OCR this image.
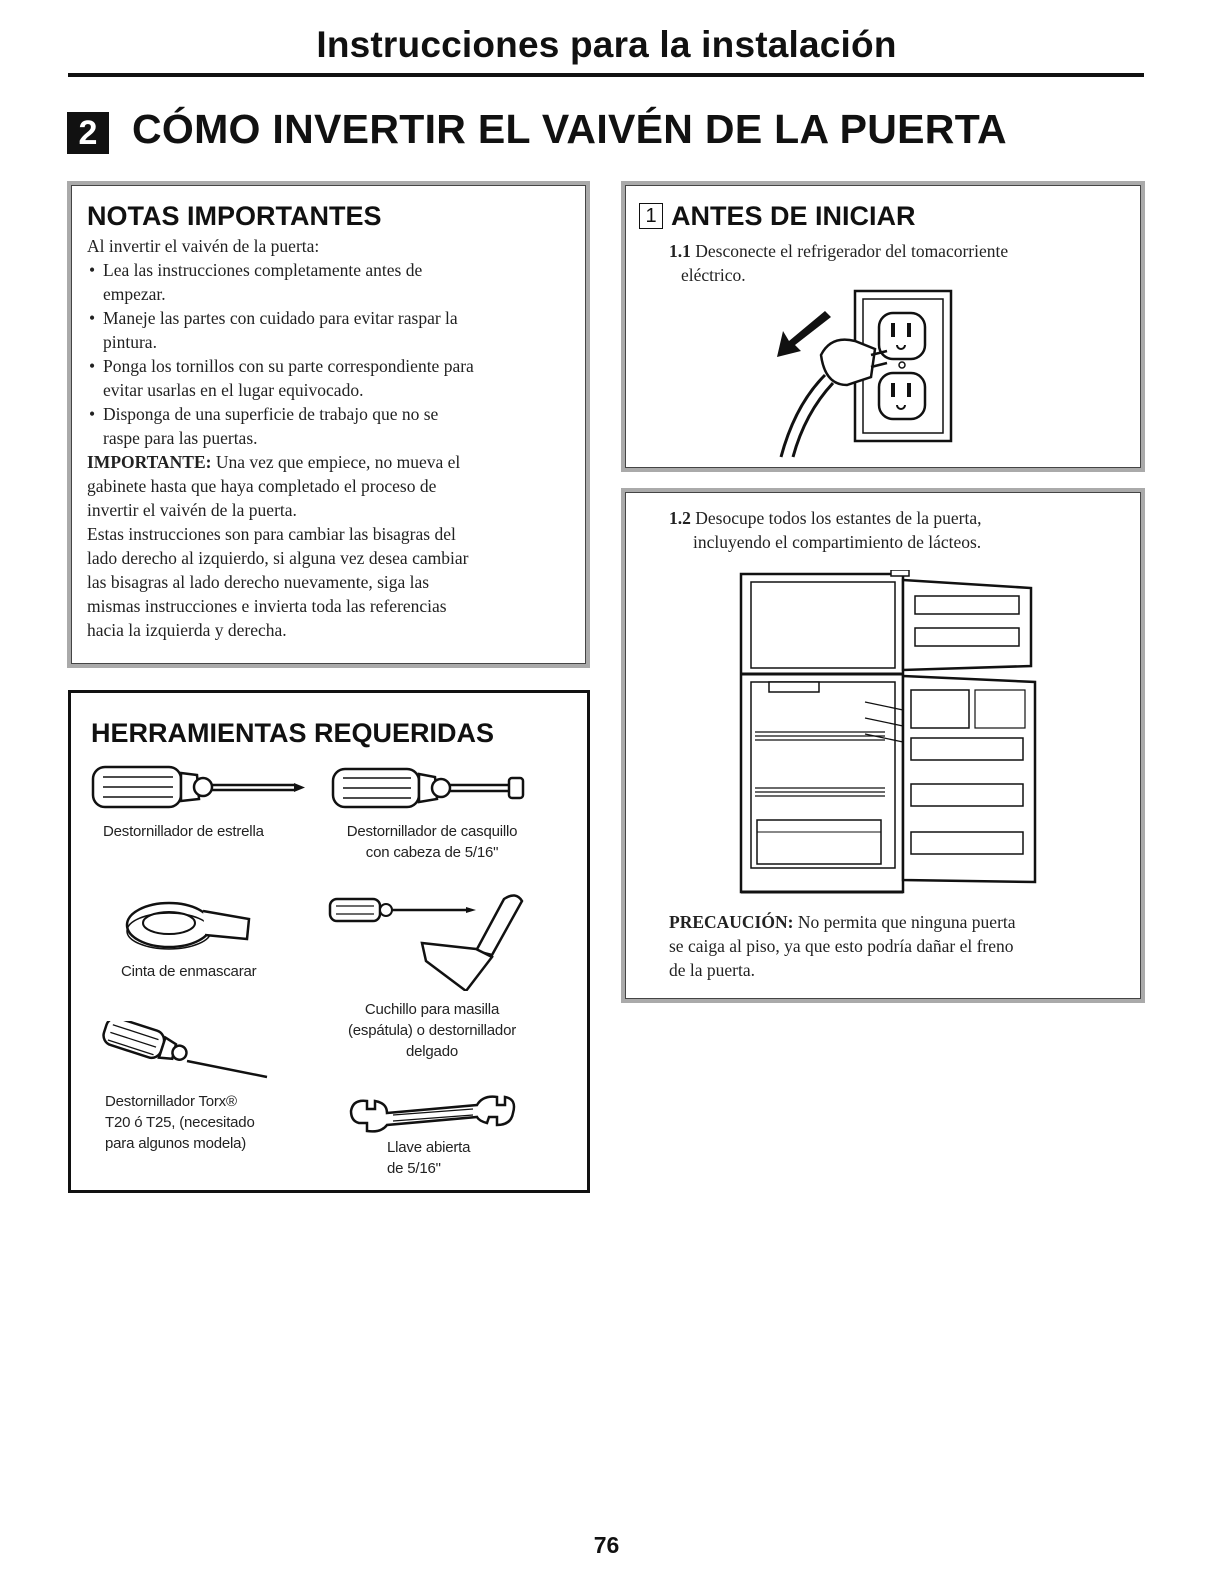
Instrucciones para la instalación
2 CÓMO INVERTIR EL VAIVÉN DE LA PUERTA
NOTAS IMPORTANTES
Al invertir el vaivén de la puerta:
• Lea las instrucciones completamente antes de
empezar.
• Maneje las partes con cuidado para evitar raspar la
pintura.
• Ponga los tornillos con su parte correspondiente para
evitar usarlas en el lugar equivocado.
• Disponga de una superficie de trabajo que no se
raspe para las puertas.
IMPORTANTE: Una vez que empiece, no mueva el
gabinete hasta que haya completado el proceso de
invertir el vaivén de la puerta.
Estas instrucciones son para cambiar las bisagras del
lado derecho al izquierdo, si alguna vez desea cambiar
las bisagras al lado derecho nuevamente, siga las
mismas instrucciones e invierta toda las referencias
hacia la izquierda y derecha.
HERRAMIENTAS REQUERIDAS
Destornillador de estrella	Destornillador de casquillo
con cabeza de 5/16"
Cinta de enmascarar
Cuchillo para masilla
(espátula) o destornillador
delgado
Destornillador Torx®
T20 ó T25, (necesitado
para algunos modela)	Llave abierta
de 5/16"
1 ANTES DE INICIAR
1.1 Desconecte el refrigerador del tomacorriente
eléctrico.
1.2 Desocupe todos los estantes de la puerta,
incluyendo el compartimiento de lácteos.
PRECAUCIÓN: No permita que ninguna puerta
se caiga al piso, ya que esto podría dañar el freno
de la puerta.
76
